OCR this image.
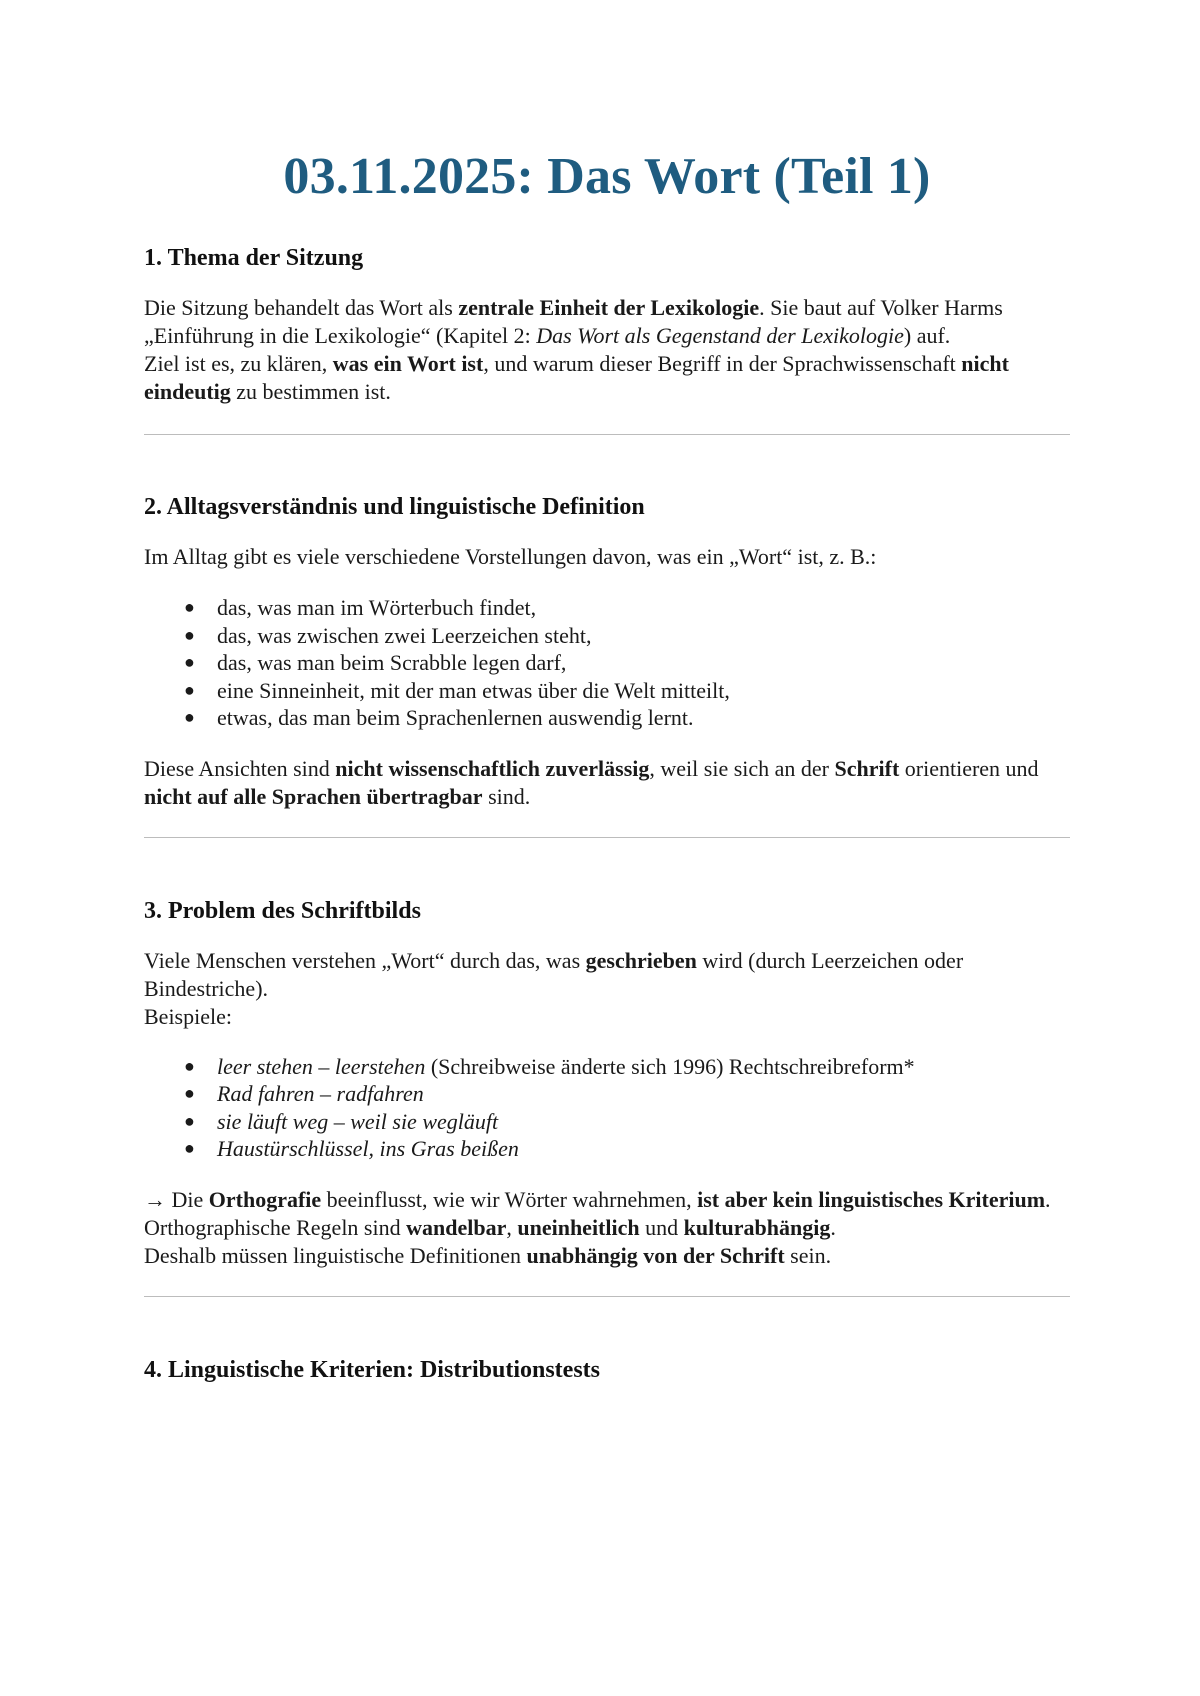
03.11.2025: Das Wort (Teil 1)
1. Thema der Sitzung

Die Sitzung behandelt das Wort als zentrale Einheit der Lexikologie. Sie baut auf Volker Harms „Einführung in die Lexikologie“ (Kapitel 2: Das Wort als Gegenstand der Lexikologie) auf.
Ziel ist es, zu klären, was ein Wort ist, und warum dieser Begriff in der Sprachwissenschaft nicht eindeutig zu bestimmen ist.

2. Alltagsverständnis und linguistische Definition

Im Alltag gibt es viele verschiedene Vorstellungen davon, was ein „Wort“ ist, z. B.:

● das, was man im Wörterbuch findet,
● das, was zwischen zwei Leerzeichen steht,
● das, was man beim Scrabble legen darf,
● eine Sinneinheit, mit der man etwas über die Welt mitteilt,
● etwas, das man beim Sprachenlernen auswendig lernt.

Diese Ansichten sind nicht wissenschaftlich zuverlässig, weil sie sich an der Schrift orientieren und nicht auf alle Sprachen übertragbar sind.

3. Problem des Schriftbilds

Viele Menschen verstehen „Wort“ durch das, was geschrieben wird (durch Leerzeichen oder Bindestriche).
Beispiele:

● leer stehen – leerstehen (Schreibweise änderte sich 1996) Rechtschreibreform*
● Rad fahren – radfahren
● sie läuft weg – weil sie wegläuft
● Haustürschlüssel, ins Gras beißen

→ Die Orthografie beeinflusst, wie wir Wörter wahrnehmen, ist aber kein linguistisches Kriterium.
Orthographische Regeln sind wandelbar, uneinheitlich und kulturabhängig.
Deshalb müssen linguistische Definitionen unabhängig von der Schrift sein.

4. Linguistische Kriterien: Distributionstests
